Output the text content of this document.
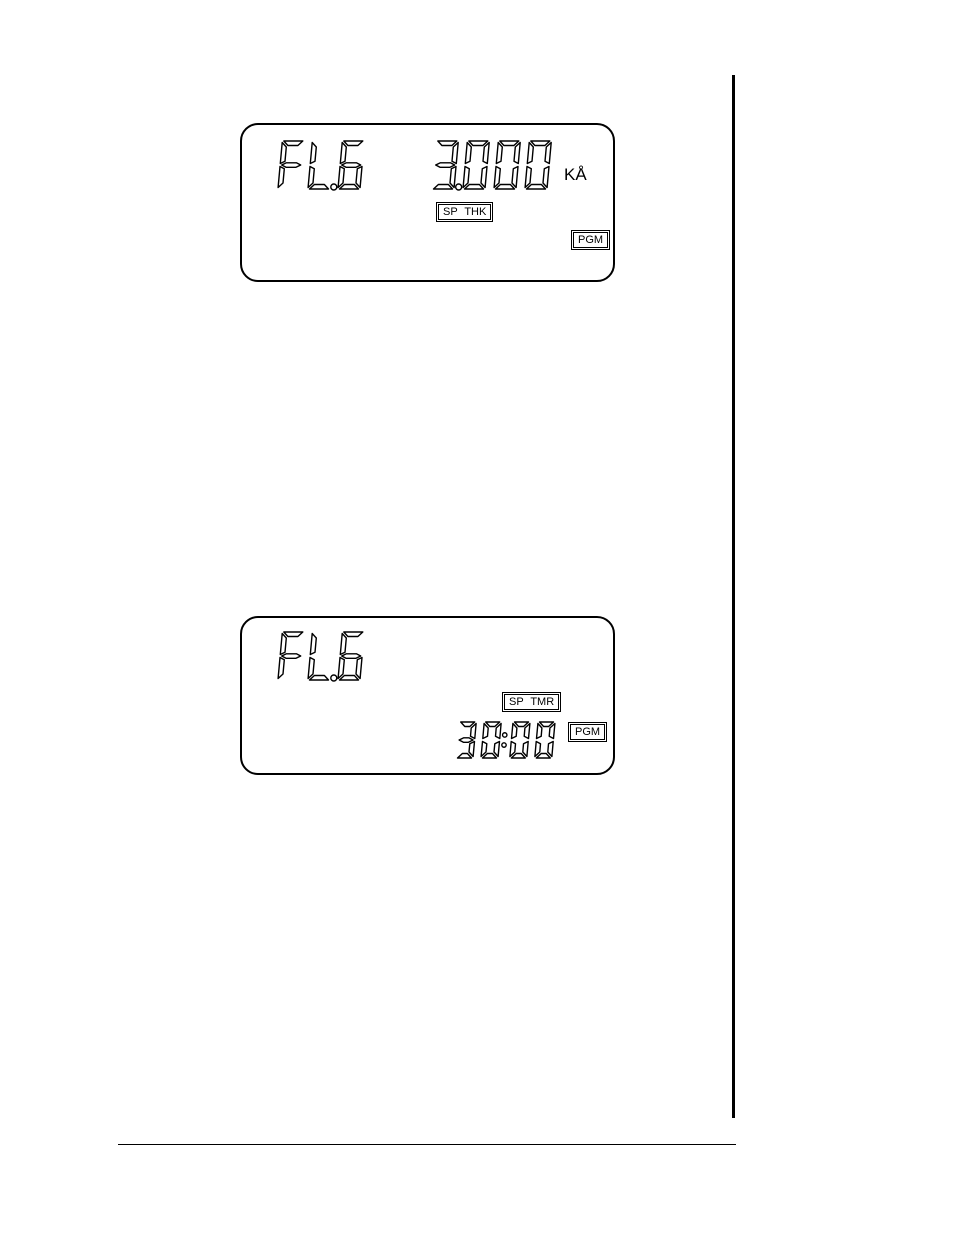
KÅ
SP THK
PGM
SP TMR
PGM
